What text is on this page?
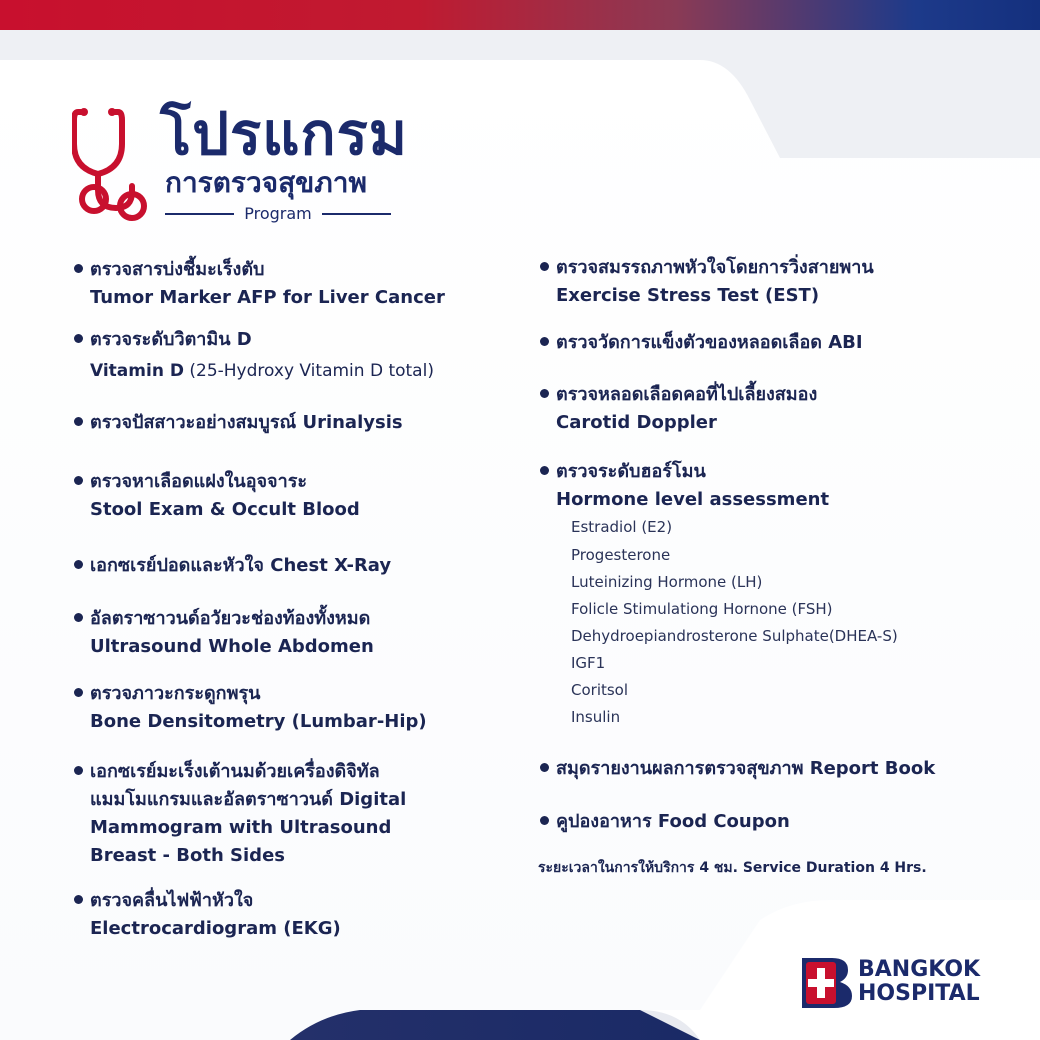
โปรแกรม
การตรวจสุขภาพ
Program
ตรวจสารบ่งชี้มะเร็งตับ
Tumor Marker AFP for Liver Cancer
ตรวจระดับวิตามิน D
Vitamin D (25-Hydroxy Vitamin D total)
ตรวจปัสสาวะอย่างสมบูรณ์ Urinalysis
ตรวจหาเลือดแฝงในอุจจาระ
Stool Exam & Occult Blood
เอกซเรย์ปอดและหัวใจ Chest X-Ray
อัลตราซาวนด์อวัยวะช่องท้องทั้งหมด
Ultrasound Whole Abdomen
ตรวจภาวะกระดูกพรุน
Bone Densitometry (Lumbar-Hip)
เอกซเรย์มะเร็งเต้านมด้วยเครื่องดิจิทัล
แมมโมแกรมและอัลตราซาวนด์ Digital
Mammogram with Ultrasound
Breast - Both Sides
ตรวจคลื่นไฟฟ้าหัวใจ
Electrocardiogram (EKG)
ตรวจสมรรถภาพหัวใจโดยการวิ่งสายพาน
Exercise Stress Test (EST)
ตรวจวัดการแข็งตัวของหลอดเลือด ABI
ตรวจหลอดเลือดคอที่ไปเลี้ยงสมอง
Carotid Doppler
ตรวจระดับฮอร์โมน
Hormone level assessment
Estradiol (E2)
Progesterone
Luteinizing Hormone (LH)
Folicle Stimulationg Hornone (FSH)
Dehydroepiandrosterone Sulphate(DHEA-S)
IGF1
Coritsol
Insulin
สมุดรายงานผลการตรวจสุขภาพ Report Book
คูปองอาหาร Food Coupon
ระยะเวลาในการให้บริการ 4 ชม. Service Duration 4 Hrs.
BANGKOK
HOSPITAL
